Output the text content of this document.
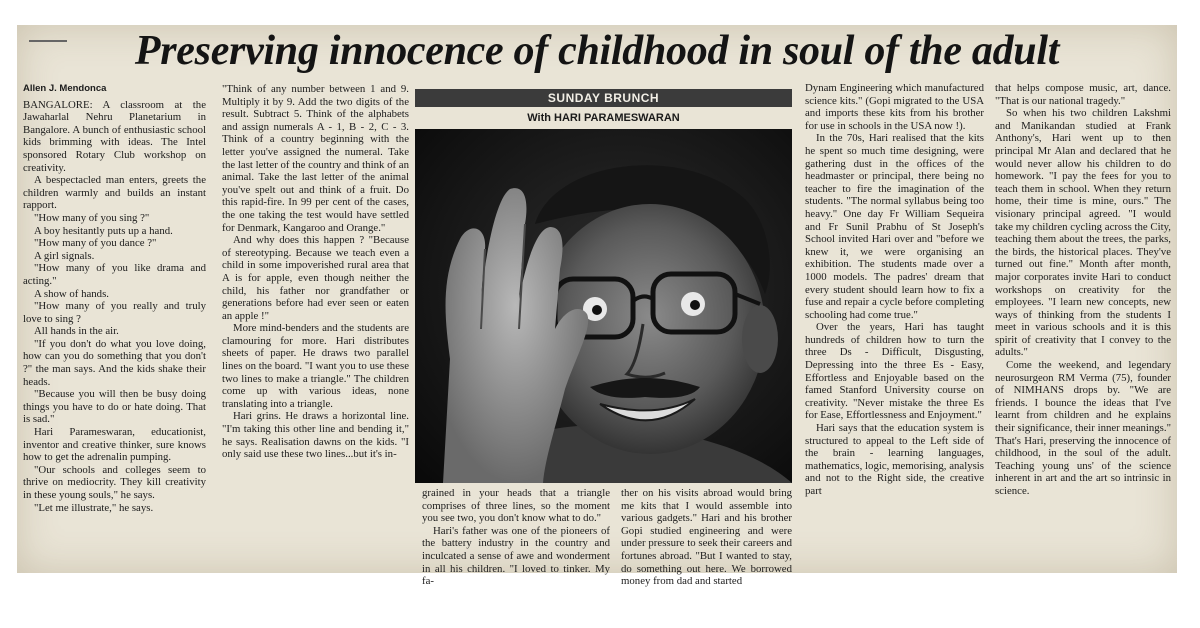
Preserving innocence of childhood in soul of the adult

Allen J. Mendonca

BANGALORE: A classroom at the Jawaharlal Nehru Planetarium in Bangalore. A bunch of enthusiastic school kids brimming with ideas. The Intel sponsored Rotary Club workshop on creativity.

A bespectacled man enters, greets the children warmly and builds an instant rapport.

"How many of you sing ?"

A boy hesitantly puts up a hand.

"How many of you dance ?"

A girl signals.

"How many of you like drama and acting."

A show of hands.

"How many of you really and truly love to sing ?

All hands in the air.

"If you don't do what you love doing, how can you do something that you don't ?" the man says. And the kids shake their heads.

"Because you will then be busy doing things you have to do or hate doing. That is sad."

Hari Parameswaran, educationist, inventor and creative thinker, sure knows how to get the adrenalin pumping.

"Our schools and colleges seem to thrive on mediocrity. They kill creativity in these young souls," he says.

"Let me illustrate," he says.

"Think of any number between 1 and 9. Multiply it by 9. Add the two digits of the result. Subtract 5. Think of the alphabets and assign numerals A - 1, B - 2, C - 3. Think of a country beginning with the letter you've assigned the numeral. Take the last letter of the country and think of an animal. Take the last letter of the animal you've spelt out and think of a fruit. Do this rapid-fire. In 99 per cent of the cases, the one taking the test would have settled for Denmark, Kangaroo and Orange."

And why does this happen ? "Because of stereotyping. Because we teach even a child in some impoverished rural area that A is for apple, even though neither the child, his father nor grandfather or generations before had ever seen or eaten an apple !"

More mind-benders and the students are clamouring for more. Hari distributes sheets of paper. He draws two parallel lines on the board. "I want you to use these two lines to make a triangle." The children come up with various ideas, none translating into a triangle.

Hari grins. He draws a horizontal line. "I'm taking this other line and bending it," he says. Realisation dawns on the kids. "I only said use these two lines...but it's in-

SUNDAY BRUNCH
With HARI PARAMESWARAN

grained in your heads that a triangle comprises of three lines, so the moment you see two, you don't know what to do."

Hari's father was one of the pioneers of the battery industry in the country and inculcated a sense of awe and wonderment in all his children. "I loved to tinker. My fa-

ther on his visits abroad would bring me kits that I would assemble into various gadgets." Hari and his brother Gopi studied engineering and were under pressure to seek their careers and fortunes abroad. "But I wanted to stay, do something out here. We borrowed money from dad and started

Dynam Engineering which manufactured science kits." (Gopi migrated to the USA and imports these kits from his brother for use in schools in the USA now !).

In the 70s, Hari realised that the kits he spent so much time designing, were gathering dust in the offices of the headmaster or principal, there being no teacher to fire the imagination of the students. "The normal syllabus being too heavy." One day Fr William Sequeira and Fr Sunil Prabhu of St Joseph's School invited Hari over and "before we knew it, we were organising an exhibition. The students made over a 1000 models. The padres' dream that every student should learn how to fix a fuse and repair a cycle before completing schooling had come true."

Over the years, Hari has taught hundreds of children how to turn the three Ds - Difficult, Disgusting, Depressing into the three Es - Easy, Effortless and Enjoyable based on the famed Stanford University course on creativity. "Never mistake the three Es for Ease, Effortlessness and Enjoyment."

Hari says that the education system is structured to appeal to the Left side of the brain - learning languages, mathematics, logic, memorising, analysis and not to the Right side, the creative part

that helps compose music, art, dance. "That is our national tragedy."

So when his two children Lakshmi and Manikandan studied at Frank Anthony's, Hari went up to then principal Mr Alan and declared that he would never allow his children to do homework. "I pay the fees for you to teach them in school. When they return home, their time is mine, ours." The visionary principal agreed. "I would take my children cycling across the City, teaching them about the trees, the parks, the birds, the historical places. They've turned out fine." Month after month, major corporates invite Hari to conduct workshops on creativity for the employees. "I learn new concepts, new ways of thinking from the students I meet in various schools and it is this spirit of creativity that I convey to the adults."

Come the weekend, and legendary neurosurgeon RM Verma (75), founder of NIMHANS drops by. "We are friends. I bounce the ideas that I've learnt from children and he explains their significance, their inner meanings." That's Hari, preserving the innocence of childhood, in the soul of the adult. Teaching young uns' of the science inherent in art and the art so intrinsic in science.
